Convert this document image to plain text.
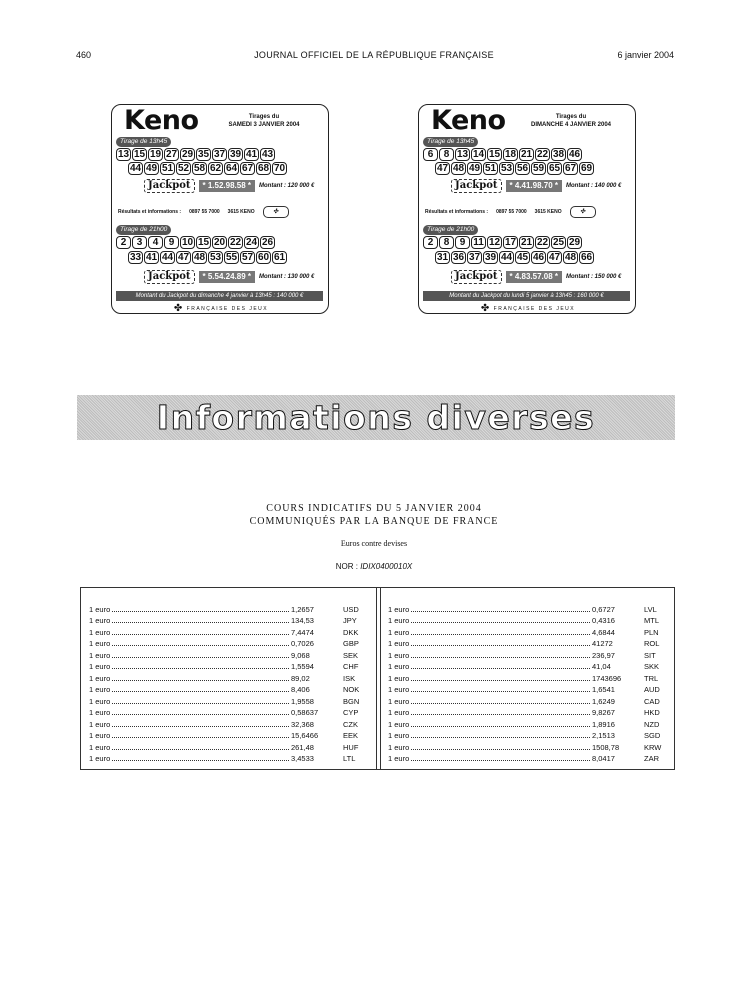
460	JOURNAL OFFICIEL DE LA RÉPUBLIQUE FRANÇAISE	6 janvier 2004
Keno	Tirages du
SAMEDI 3 JANVIER 2004
Tirage de 13h45
13 15 19 27 29 35 37 39 41 43
44 49 51 52 58 62 64 67 68 70
Jackpot	* 1.52.98.58 *	Montant : 120 000 €
Résultats et informations : 0897 55 7000 3615 KENO	✣
Tirage de 21h00
2	3	4	9 10 15 20 22 24 26
33 41 44 47 48 53 55 57 60 61
Jackpot	* 5.54.24.89 *	Montant : 130 000 €
Montant du Jackpot du dimanche 4 janvier à 13h45 : 140 000 €
✤ FRANÇAISE DES JEUX
Keno	Tirages du
DIMANCHE 4 JANVIER 2004
Tirage de 13h45
6	8 13 14 15 18 21 22 38 46
47 48 49 51 53 56 59 65 67 69
Jackpot	* 4.41.98.70 *	Montant : 140 000 €
Résultats et informations : 0897 55 7000 3615 KENO	✣
Tirage de 21h00
2	8	9 11 12 17 21 22 25 29
31 36 37 39 44 45 46 47 48 66
Jackpot	* 4.83.57.08 *	Montant : 150 000 €
Montant du Jackpot du lundi 5 janvier à 13h45 : 160 000 €
✤ FRANÇAISE DES JEUX
Informations diverses
COURS INDICATIFS DU 5 JANVIER 2004
COMMUNIQUÉS PAR LA BANQUE DE FRANCE
Euros contre devises
NOR : IDIX0400010X
1 euro	1,2657	USD
1 euro	134,53	JPY
1 euro	7,4474	DKK
1 euro	0,7026	GBP
1 euro	9,068	SEK
1 euro	1,5594	CHF
1 euro	89,02	ISK
1 euro	8,406	NOK
1 euro	1,9558	BGN
1 euro	0,58637	CYP
1 euro	32,368	CZK
1 euro	15,6466	EEK
1 euro	261,48	HUF
1 euro	3,4533	LTL
1 euro	0,6727	LVL
1 euro	0,4316	MTL
1 euro	4,6844	PLN
1 euro	41272	ROL
1 euro	236,97	SIT
1 euro	41,04	SKK
1 euro	1743696	TRL
1 euro	1,6541	AUD
1 euro	1,6249	CAD
1 euro	9,8267	HKD
1 euro	1,8916	NZD
1 euro	2,1513	SGD
1 euro	1508,78	KRW
1 euro	8,0417	ZAR
